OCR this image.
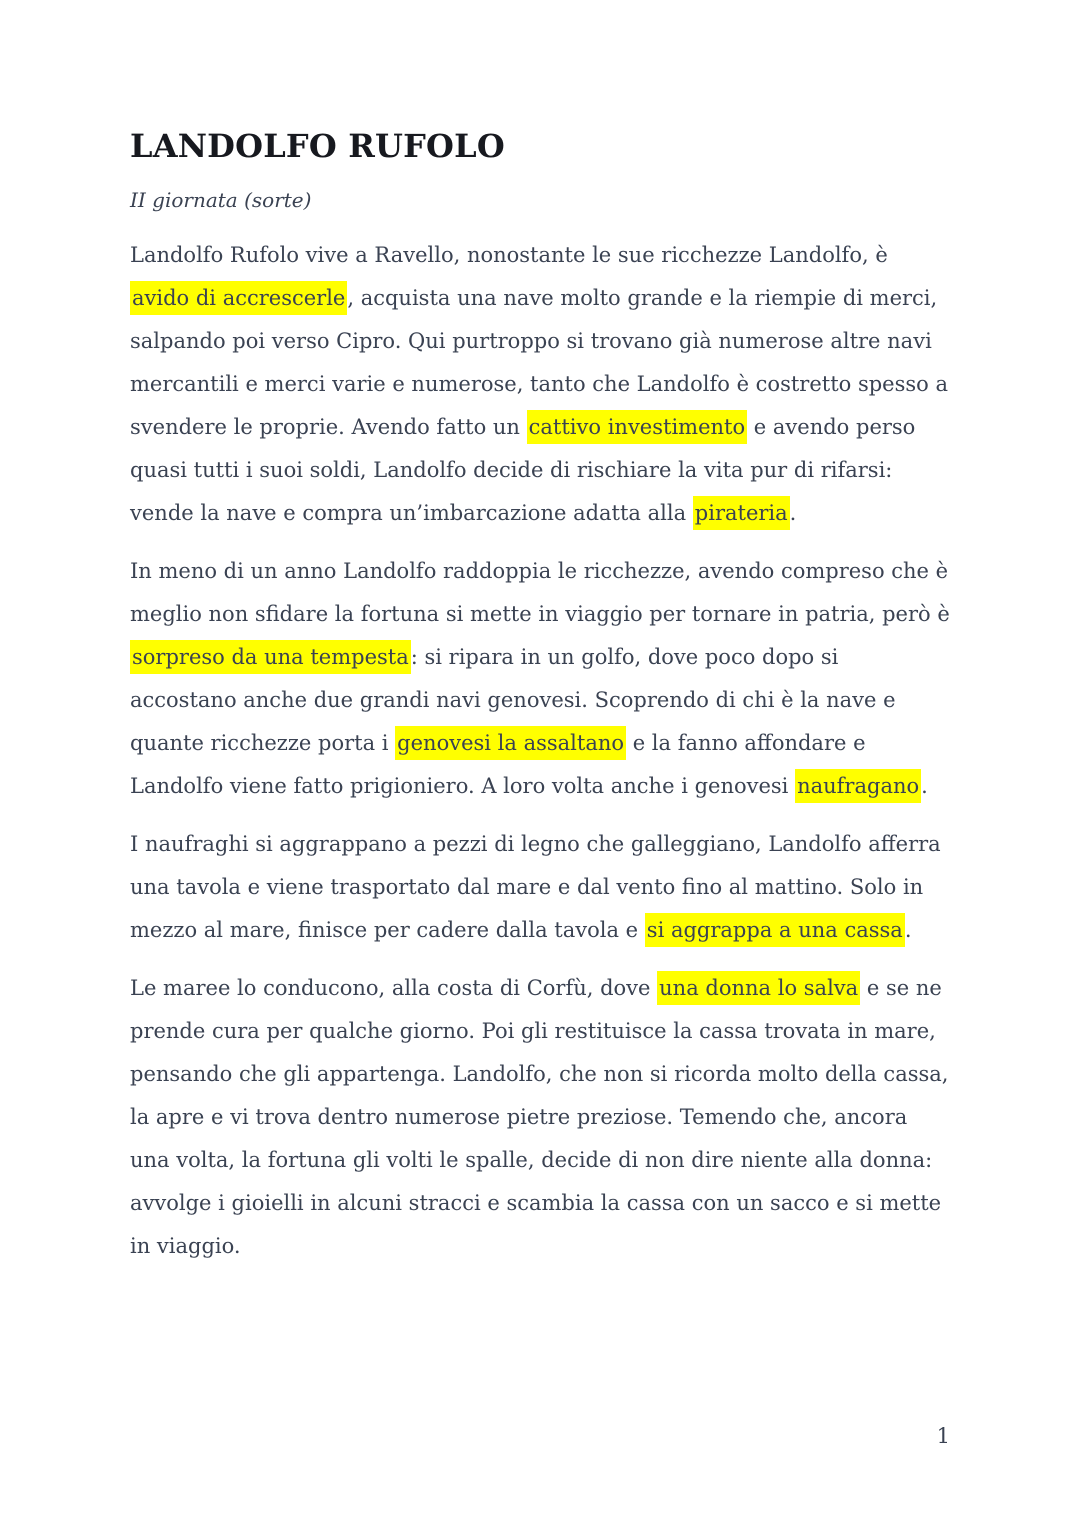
LANDOLFO RUFOLO

II giornata (sorte)

Landolfo Rufolo vive a Ravello, nonostante le sue ricchezze Landolfo, è avido di accrescerle, acquista una nave molto grande e la riempie di merci, salpando poi verso Cipro. Qui purtroppo si trovano già numerose altre navi mercantili e merci varie e numerose, tanto che Landolfo è costretto spesso a svendere le proprie. Avendo fatto un cattivo investimento e avendo perso quasi tutti i suoi soldi, Landolfo decide di rischiare la vita pur di rifarsi: vende la nave e compra un’imbarcazione adatta alla pirateria.

In meno di un anno Landolfo raddoppia le ricchezze, avendo compreso che è meglio non sfidare la fortuna si mette in viaggio per tornare in patria, però è sorpreso da una tempesta: si ripara in un golfo, dove poco dopo si accostano anche due grandi navi genovesi. Scoprendo di chi è la nave e quante ricchezze porta i genovesi la assaltano e la fanno affondare e Landolfo viene fatto prigioniero. A loro volta anche i genovesi naufragano.

I naufraghi si aggrappano a pezzi di legno che galleggiano, Landolfo afferra una tavola e viene trasportato dal mare e dal vento fino al mattino. Solo in mezzo al mare, finisce per cadere dalla tavola e si aggrappa a una cassa.

Le maree lo conducono, alla costa di Corfù, dove una donna lo salva e se ne prende cura per qualche giorno. Poi gli restituisce la cassa trovata in mare, pensando che gli appartenga. Landolfo, che non si ricorda molto della cassa, la apre e vi trova dentro numerose pietre preziose. Temendo che, ancora una volta, la fortuna gli volti le spalle, decide di non dire niente alla donna: avvolge i gioielli in alcuni stracci e scambia la cassa con un sacco e si mette in viaggio.

1
